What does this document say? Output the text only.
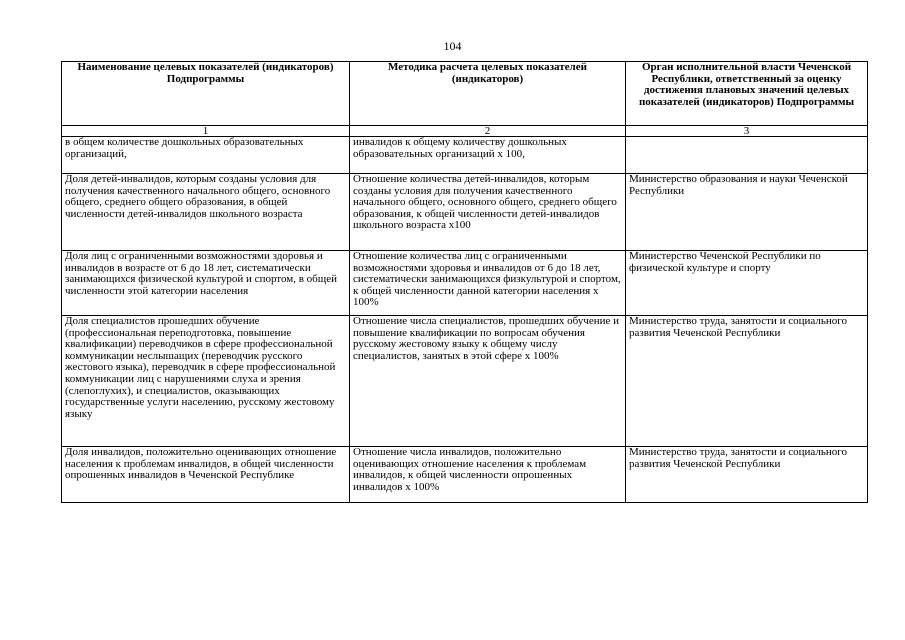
104
Наименование целевых показателей (индикаторов) Подпрограммы	Методика расчета целевых показателей (индикаторов)	Орган исполнительной власти Чеченской Республики, ответственный за оценку достижения плановых значений целевых показателей (индикаторов) Подпрограммы
1	2	3
в общем количестве дошкольных образовательных организаций,	инвалидов к общему количеству дошкольных образовательных организаций x 100,	
Доля детей-инвалидов, которым созданы условия для получения качественного начального общего, основного общего, среднего общего образования, в общей численности детей-инвалидов школьного возраста	Отношение количества детей-инвалидов, которым созданы условия для получения качественного начального общего, основного общего, среднего общего образования, к общей численности детей-инвалидов школьного возраста x100	Министерство образования и науки Чеченской Республики
Доля лиц с ограниченными возможностями здоровья и инвалидов в возрасте от 6 до 18 лет, систематически занимающихся физической культурой и спортом, в общей численности этой категории населения	Отношение количества лиц с ограниченными возможностями здоровья и инвалидов от 6 до 18 лет, систематически занимающихся физкультурой и спортом, к общей численности данной категории населения x 100%	Министерство Чеченской Республики по физической культуре и спорту
Доля специалистов прошедших обучение (профессиональная переподготовка, повышение квалификации) переводчиков в сфере профессиональной коммуникации неслышащих (переводчик русского жестового языка), переводчик в сфере профессиональной коммуникации лиц с нарушениями слуха и зрения (слепоглухих), и специалистов, оказывающих государственные услуги населению, русскому жестовому языку	Отношение числа специалистов, прошедших обучение и повышение квалификации по вопросам обучения русскому жестовому языку к общему числу специалистов, занятых в этой сфере x 100%	Министерство труда, занятости и социального развития Чеченской Республики
Доля инвалидов, положительно оценивающих отношение населения к проблемам инвалидов, в общей численности опрошенных инвалидов в Чеченской Республике	Отношение числа инвалидов, положительно оценивающих отношение населения к проблемам инвалидов, к общей численности опрошенных инвалидов x 100%	Министерство труда, занятости и социального развития Чеченской Республики
